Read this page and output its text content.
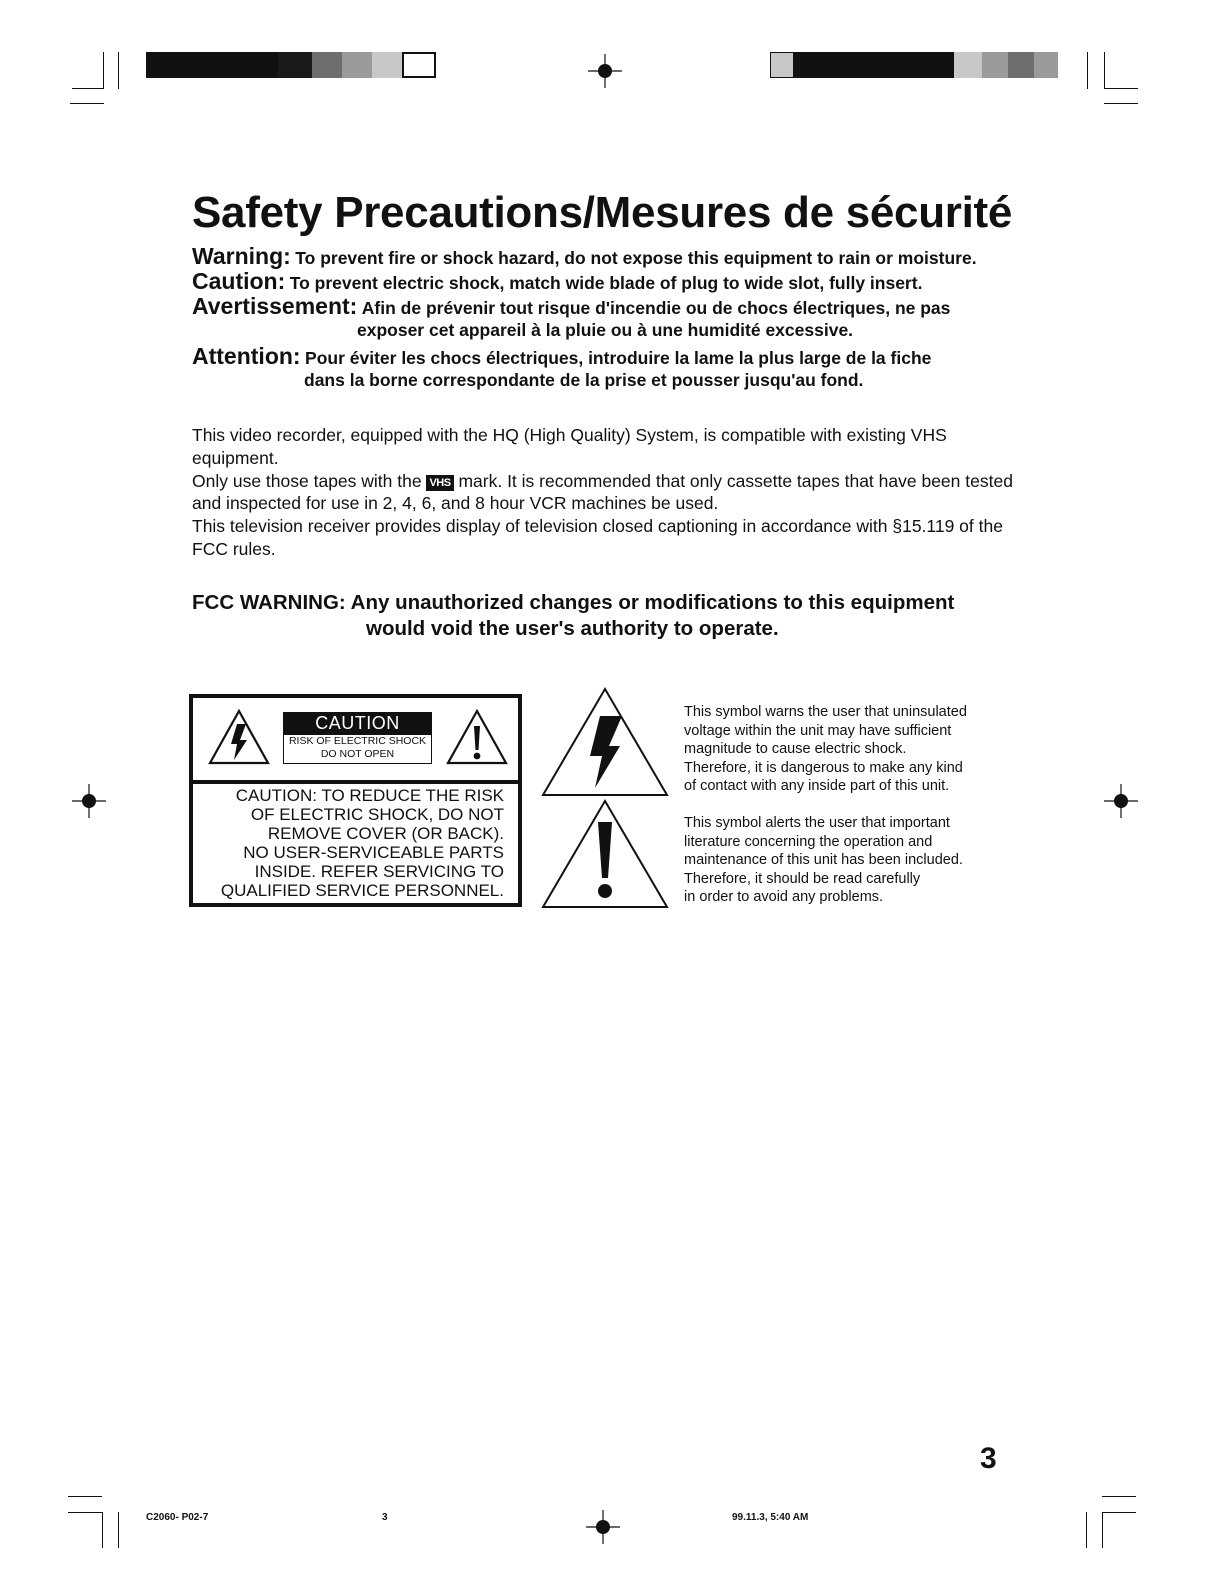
Safety Precautions/Mesures de sécurité
Warning: To prevent fire or shock hazard, do not expose this equipment to rain or moisture.
Caution: To prevent electric shock, match wide blade of plug to wide slot, fully insert.
Avertissement: Afin de prévenir tout risque d'incendie ou de chocs électriques, ne pas
exposer cet appareil à la pluie ou à une humidité excessive.
Attention: Pour éviter les chocs électriques, introduire la lame la plus large de la fiche
dans la borne correspondante de la prise et pousser jusqu'au fond.

This video recorder, equipped with the HQ (High Quality) System, is compatible with existing VHS equipment.

Only use those tapes with the VHS mark. It is recommended that only cassette tapes that have been tested and inspected for use in 2, 4, 6, and 8 hour VCR machines be used.

This television receiver provides display of television closed captioning in accordance with §15.119 of the FCC rules.

FCC WARNING: Any unauthorized changes or modifications to this equipment
would void the user's authority to operate.
CAUTION
RISK OF ELECTRIC SHOCK
DO NOT OPEN
CAUTION: TO REDUCE THE RISK
OF ELECTRIC SHOCK, DO NOT
REMOVE COVER (OR BACK).
NO USER-SERVICEABLE PARTS
INSIDE. REFER SERVICING TO
QUALIFIED SERVICE PERSONNEL.
This symbol warns the user that uninsulated
voltage within the unit may have sufficient
magnitude to cause electric shock.
Therefore, it is dangerous to make any kind
of contact with any inside part of this unit.
This symbol alerts the user that important
literature concerning the operation and
maintenance of this unit has been included.
Therefore, it should be read carefully
in order to avoid any problems.
3
C2060- P02-7	3	99.11.3, 5:40 AM
